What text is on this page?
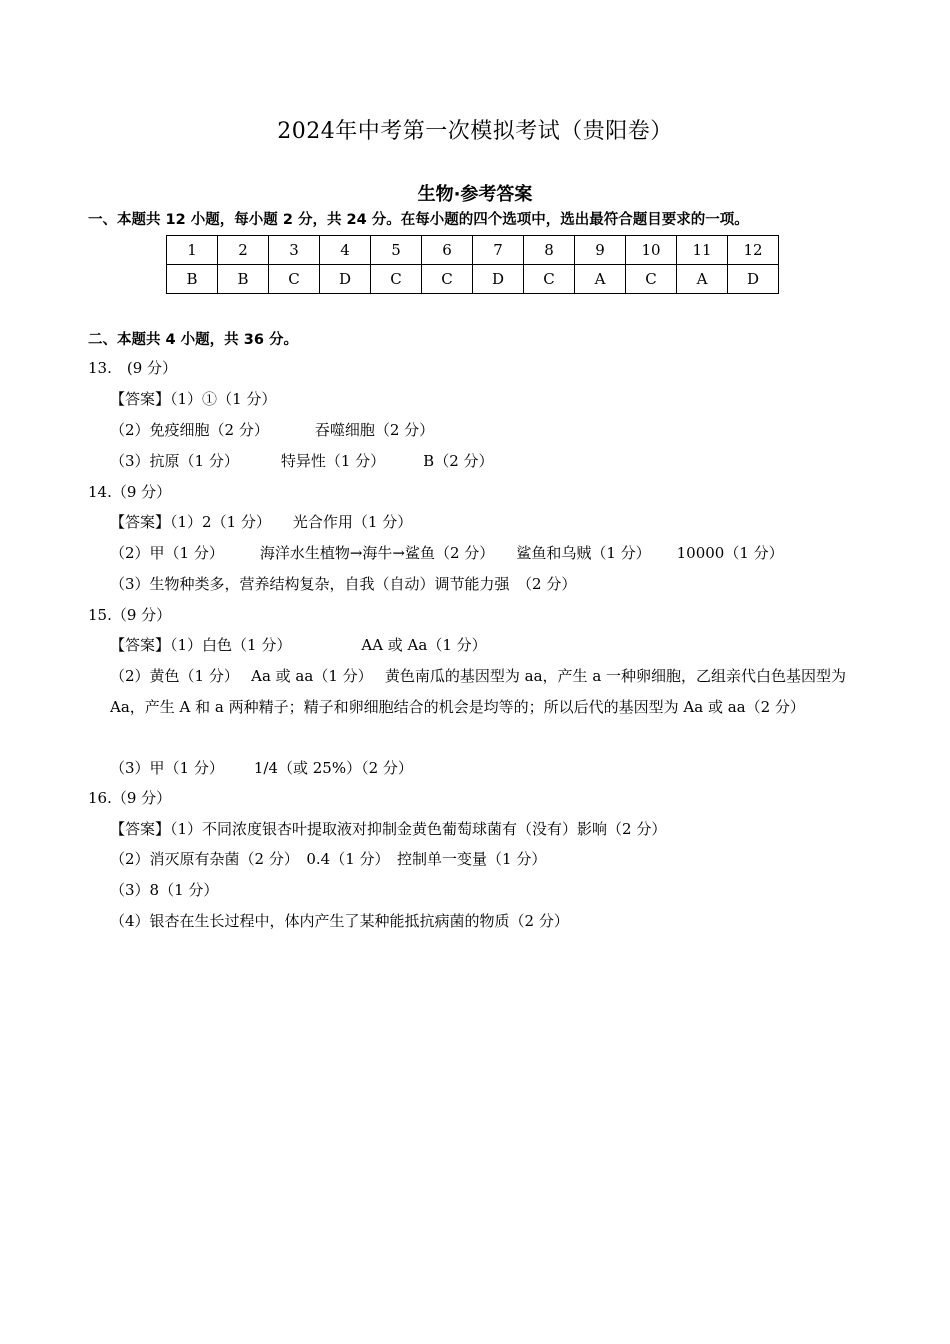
2024年中考第一次模拟考试（贵阳卷）
生物·参考答案
一、本题共 12 小题，每小题 2 分，共 24 分。在每小题的四个选项中，选出最符合题目要求的一项。
1	2	3	4	5	6	7	8	9	10	11	12
B	B	C	D	C	C	D	C	A	C	A	D
二、本题共 4 小题，共 36 分。
13.　(9 分）
【答案】（1）①（1 分）
（2）免疫细胞（2 分）	吞噬细胞（2 分）
（3）抗原（1 分）	特异性（1 分）	B（2 分）
14.（9 分）
【答案】（1）2（1 分） 光合作用（1 分）
（2）甲（1 分） 海洋水生植物→海牛→鲨鱼（2 分） 鲨鱼和乌贼（1 分） 10000（1 分）
（3）生物种类多，营养结构复杂，自我（自动）调节能力强　（2 分）
15.（9 分）
【答案】（1）白色（1 分）	AA 或 Aa（1 分）
（2）黄色（1 分）　 Aa 或 aa（1 分）　 黄色南瓜的基因型为 aa，产生 a 一种卵细胞，乙组亲代白色基因型为 Aa，产生 A 和 a 两种精子；精子和卵细胞结合的机会是均等的；所以后代的基因型为 Aa 或 aa（2 分）
（3）甲（1 分） 1/4（或 25%）（2 分）
16.（9 分）
【答案】（1）不同浓度银杏叶提取液对抑制金黄色葡萄球菌有（没有）影响（2 分）
（2）消灭原有杂菌（2 分）　0.4（1 分）　控制单一变量（1 分）
（3）8（1 分）
（4）银杏在生长过程中，体内产生了某种能抵抗病菌的物质（2 分）
